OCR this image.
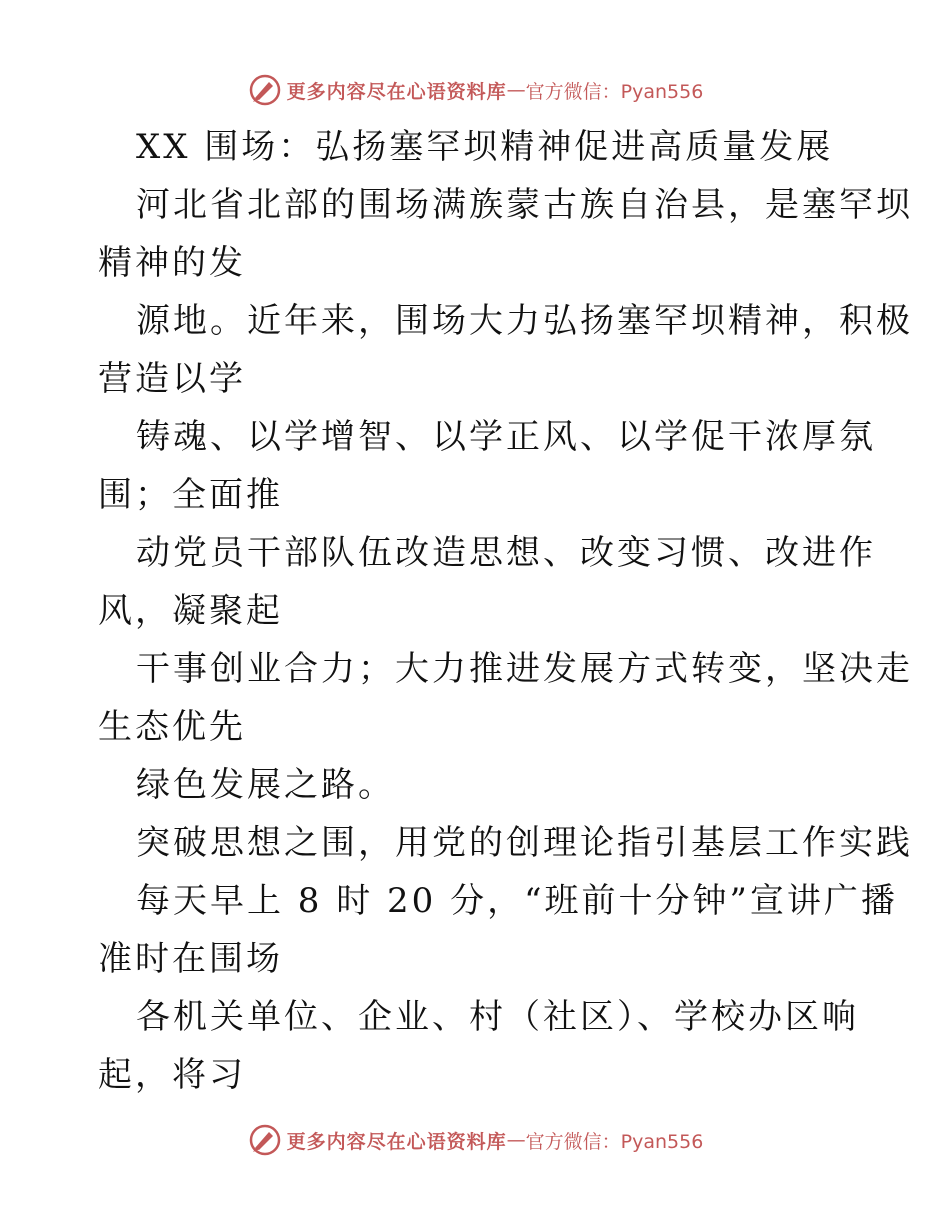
更多内容尽在心语资料库 — 官方微信：Pyan556
XX 围场：弘扬塞罕坝精神促进高质量发展
河北省北部的围场满族蒙古族自治县，是塞罕坝
精神的发
源地。近年来，围场大力弘扬塞罕坝精神，积极
营造以学
铸魂、以学增智、以学正风、以学促干浓厚氛
围；全面推
动党员干部队伍改造思想、改变习惯、改进作
风，凝聚起
干事创业合力；大力推进发展方式转变，坚决走
生态优先
绿色发展之路。
突破思想之围，用党的创理论指引基层工作实践
每天早上 8 时 20 分，“班前十分钟”宣讲广播
准时在围场
各机关单位、企业、村（社区）、学校办区响
起，将习
更多内容尽在心语资料库 — 官方微信：Pyan556
